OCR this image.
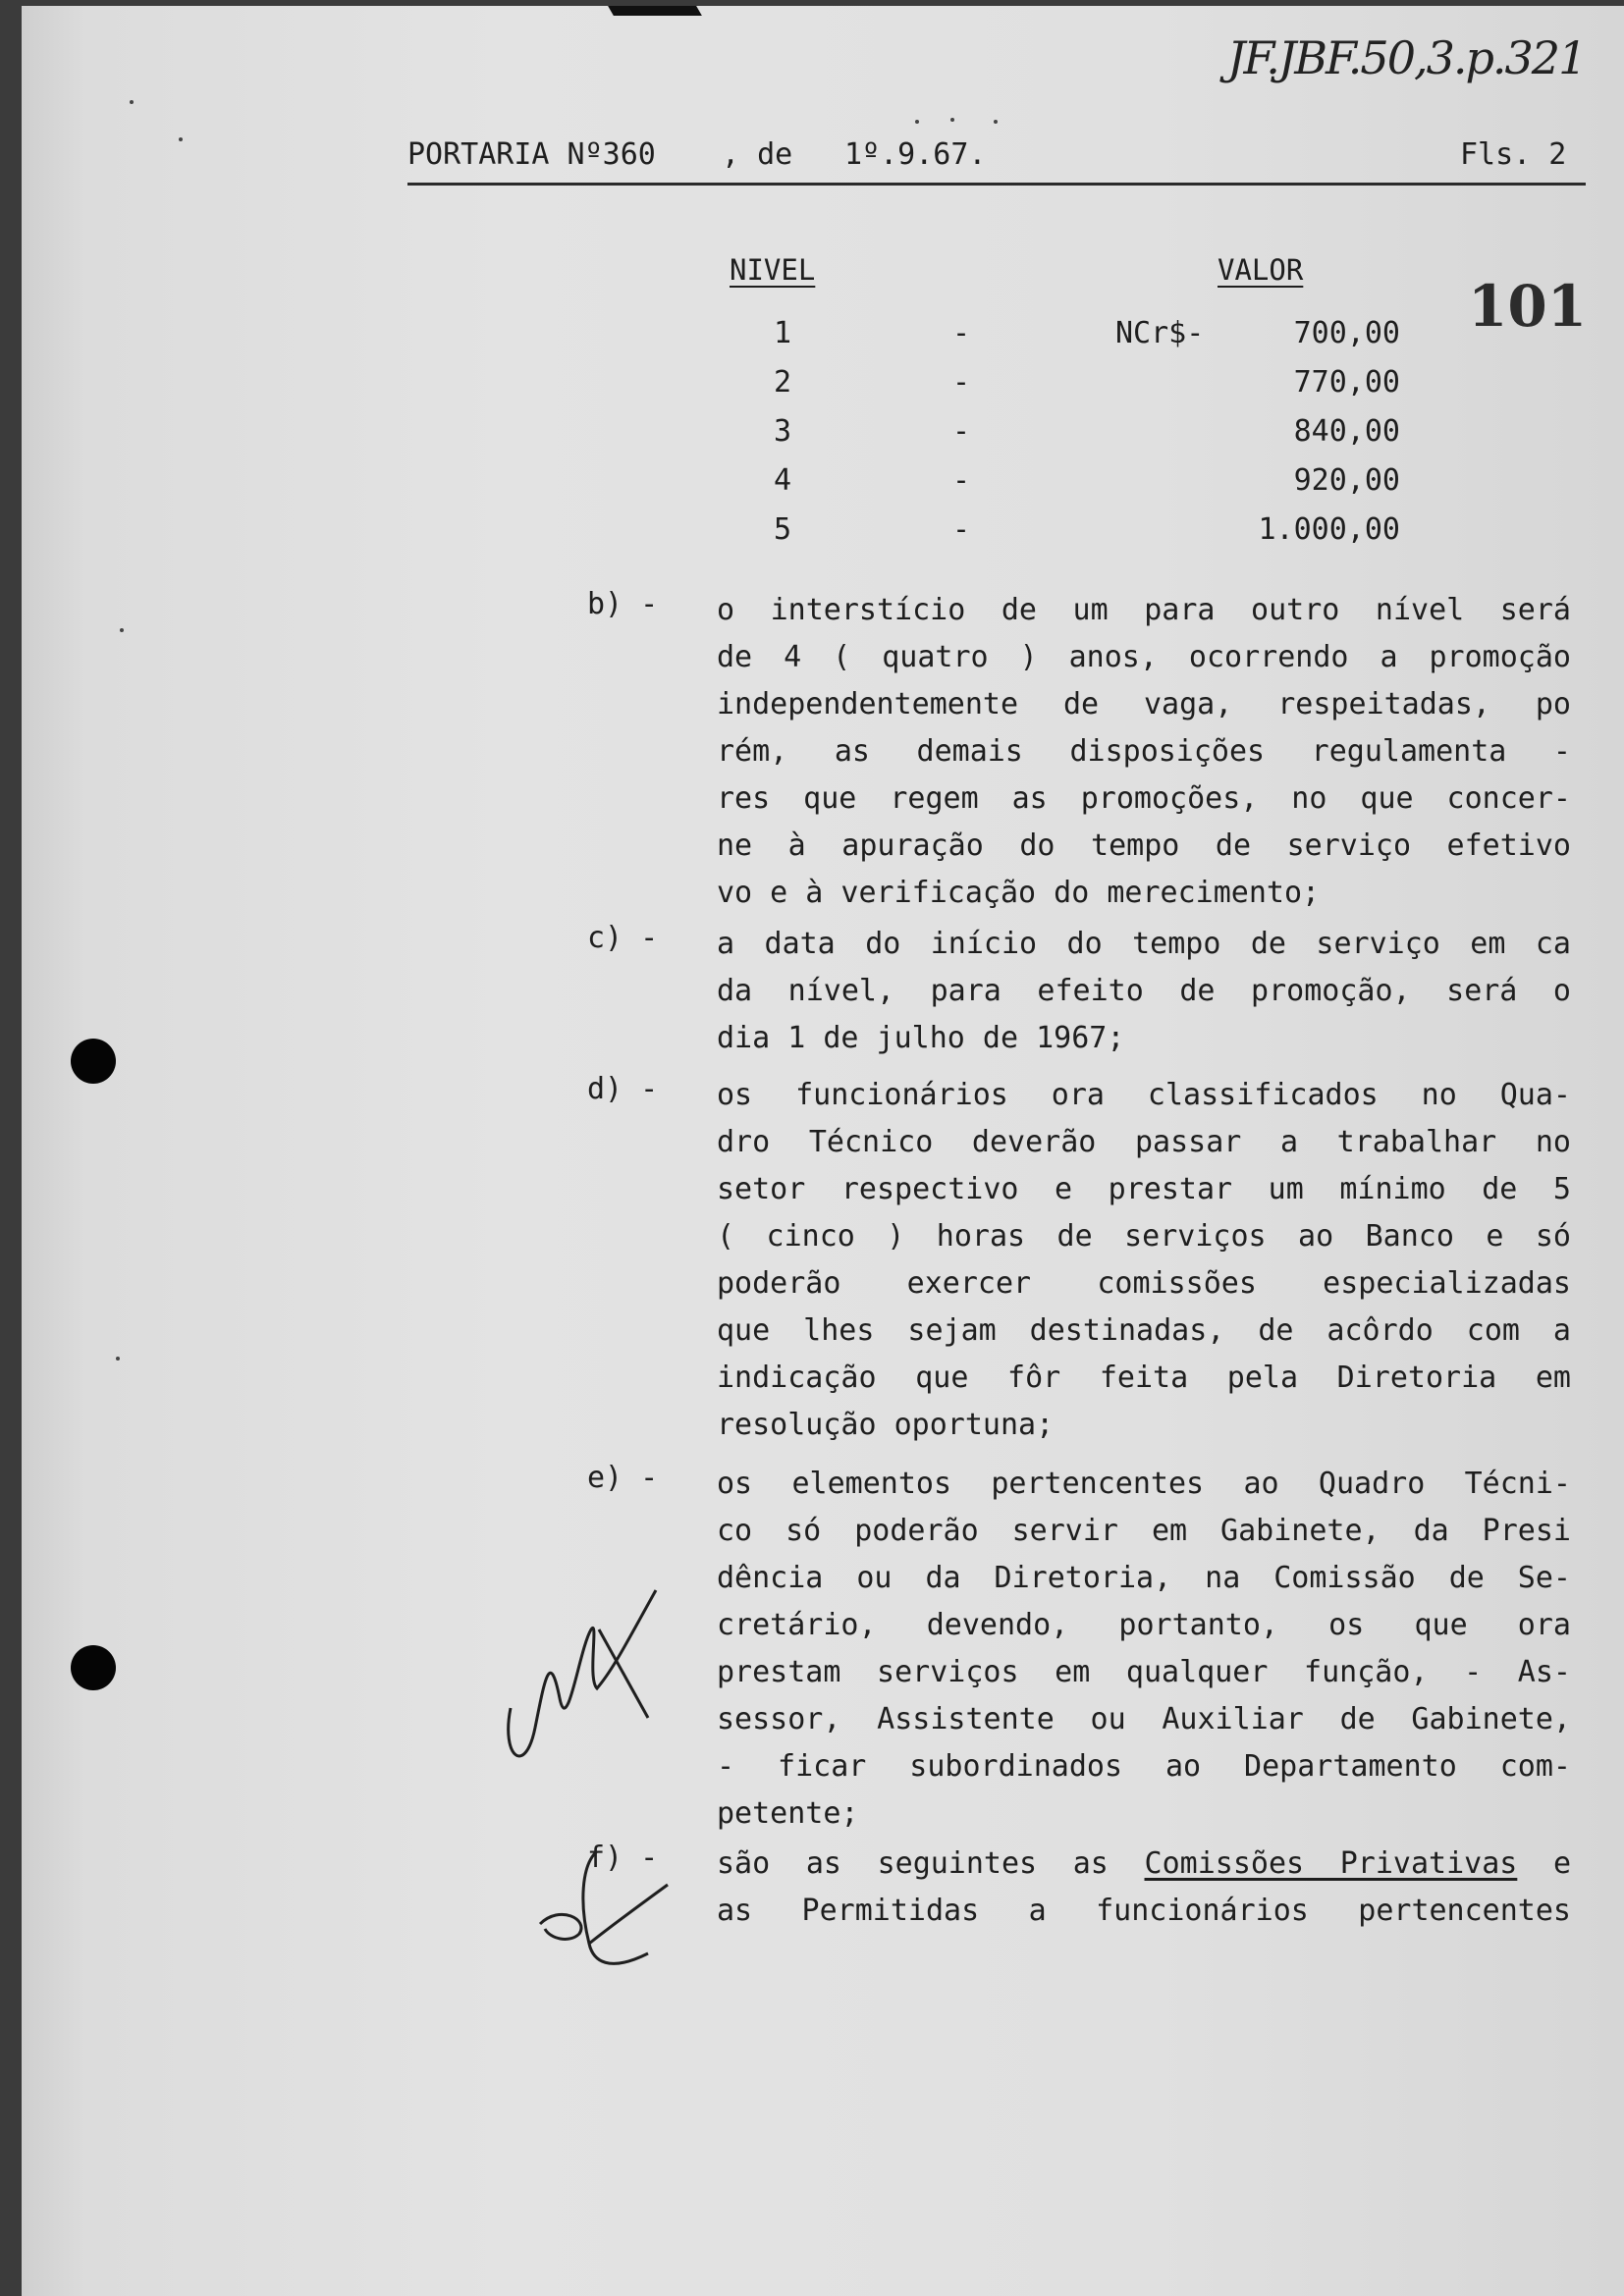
JF.JBF.50,3.p.321
PORTARIA Nº360 , de 1º.9.67.	Fls. 2
101
NIVEL	VALOR
1	-	NCr$-	700,00
2	-	770,00
3	-	840,00
4	-	920,00
5	-	1.000,00
b) - o interstício de um para outro nível será
de 4 ( quatro ) anos, ocorrendo a promoção
independentemente de vaga, respeitadas, po
rém, as demais disposições regulamenta -
res que regem as promoções, no que concer-
ne à apuração do tempo de serviço efetivo
vo e à verificação do merecimento;
c) - a data do início do tempo de serviço em ca
da nível, para efeito de promoção, será o
dia 1 de julho de 1967;
d) - os funcionários ora classificados no Qua-
dro Técnico deverão passar a trabalhar no
setor respectivo e prestar um mínimo de 5
( cinco ) horas de serviços ao Banco e só
poderão exercer comissões especializadas
que lhes sejam destinadas, de acôrdo com a
indicação que fôr feita pela Diretoria em
resolução oportuna;
e) - os elementos pertencentes ao Quadro Técni-
co só poderão servir em Gabinete, da Presi
dência ou da Diretoria, na Comissão de Se-
cretário, devendo, portanto, os que ora
prestam serviços em qualquer função, - As-
sessor, Assistente ou Auxiliar de Gabinete,
- ficar subordinados ao Departamento com-
petente;
f) - são as seguintes as Comissões Privativas e
as Permitidas a funcionários pertencentes
